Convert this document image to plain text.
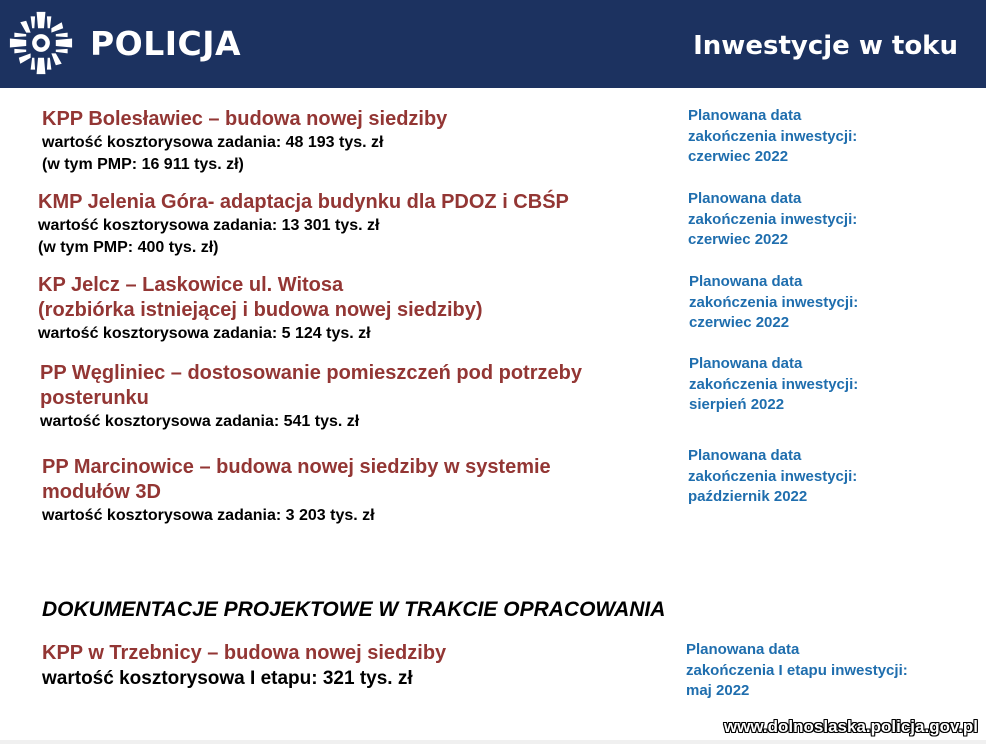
POLICJA	Inwestycje w toku
KPP Bolesławiec – budowa nowej siedziby
wartość kosztorysowa zadania: 48 193 tys. zł
(w tym PMP: 16 911 tys. zł)
Planowana data
zakończenia inwestycji:
czerwiec 2022
KMP Jelenia Góra- adaptacja budynku dla PDOZ i CBŚP
wartość kosztorysowa zadania: 13 301 tys. zł
(w tym PMP: 400 tys. zł)
Planowana data
zakończenia inwestycji:
czerwiec 2022
KP Jelcz – Laskowice ul. Witosa
(rozbiórka istniejącej i budowa nowej siedziby)
wartość kosztorysowa zadania: 5 124 tys. zł
Planowana data
zakończenia inwestycji:
czerwiec 2022
PP Węgliniec – dostosowanie pomieszczeń pod potrzeby
posterunku
wartość kosztorysowa zadania: 541 tys. zł
Planowana data
zakończenia inwestycji:
sierpień 2022
PP Marcinowice – budowa nowej siedziby w systemie
modułów 3D
wartość kosztorysowa zadania: 3 203 tys. zł
Planowana data
zakończenia inwestycji:
październik 2022
DOKUMENTACJE PROJEKTOWE W TRAKCIE OPRACOWANIA
KPP w Trzebnicy – budowa nowej siedziby
wartość kosztorysowa I etapu: 321 tys. zł
Planowana data
zakończenia I etapu inwestycji:
maj 2022
www.dolnoslaska.policja.gov.pl
